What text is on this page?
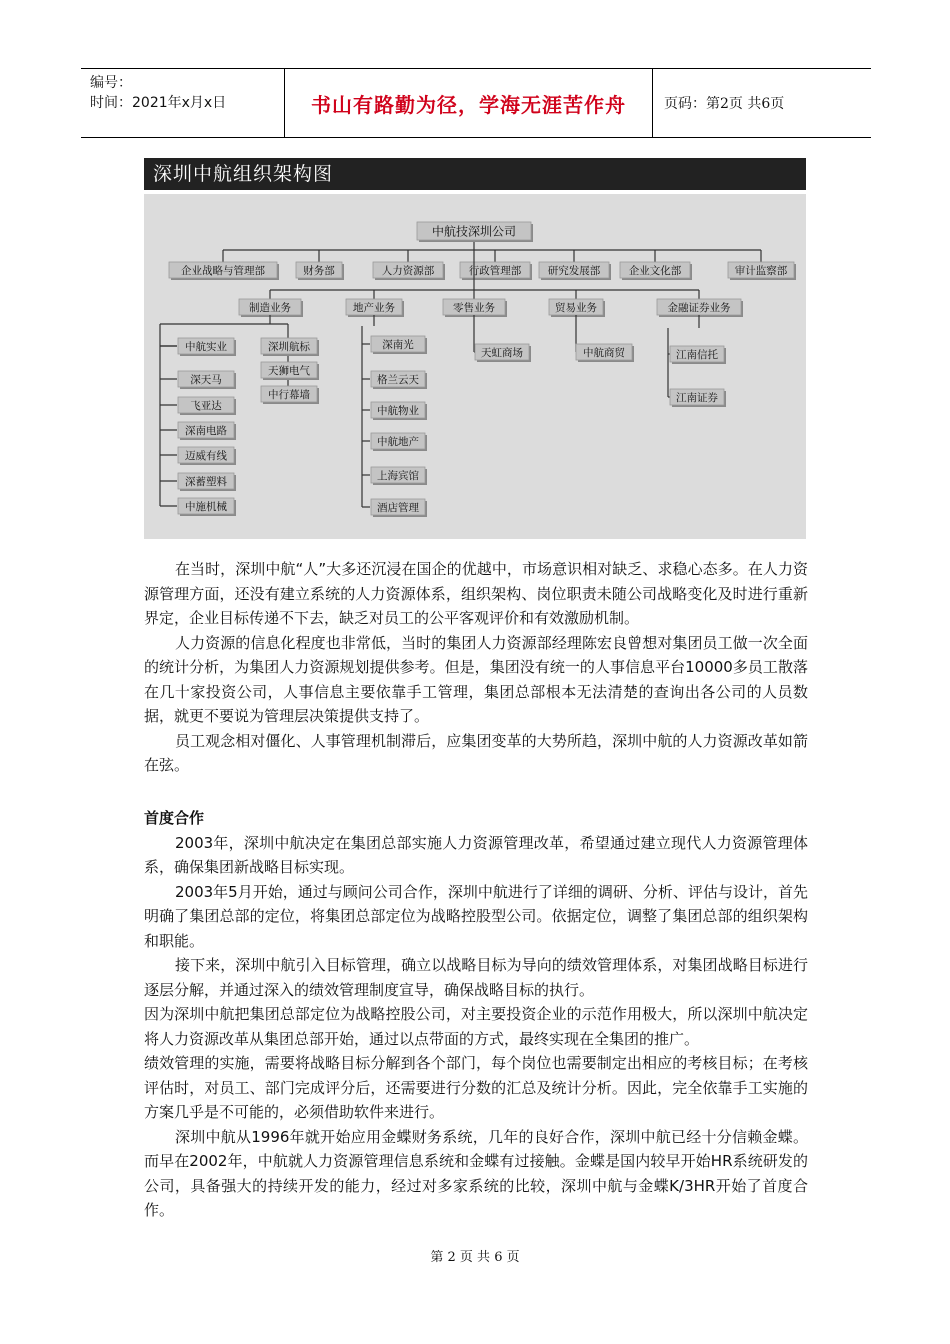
编号：
时间：2021年x月x日	书山有路勤为径，学海无涯苦作舟	页码：第2页 共6页
深圳中航组织架构图
中航技深圳公司
企业战略与管理部	财务部	人力资源部	行政管理部	研究发展部	企业文化部	审计监察部
制造业务	地产业务	零售业务	贸易业务	金融证券业务
中航实业
深天马
飞亚达
深南电路
迈威有线
深蓄塑料
中施机械
深圳航标
天狮电气
中行幕墙
深南光
格兰云天
中航物业
中航地产
上海宾馆
酒店管理
天虹商场	中航商贸	江南信托
江南证券

在当时，深圳中航“人”大多还沉浸在国企的优越中，市场意识相对缺乏、求稳心态多。在人力资源管理方面，还没有建立系统的人力资源体系，组织架构、岗位职责未随公司战略变化及时进行重新界定，企业目标传递不下去，缺乏对员工的公平客观评价和有效激励机制。

人力资源的信息化程度也非常低，当时的集团人力资源部经理陈宏良曾想对集团员工做一次全面的统计分析，为集团人力资源规划提供参考。但是，集团没有统一的人事信息平台10000多员工散落在几十家投资公司，人事信息主要依靠手工管理，集团总部根本无法清楚的查询出各公司的人员数据，就更不要说为管理层决策提供支持了。

员工观念相对僵化、人事管理机制滞后，应集团变革的大势所趋，深圳中航的人力资源改革如箭在弦。

首度合作

2003年，深圳中航决定在集团总部实施人力资源管理改革，希望通过建立现代人力资源管理体系，确保集团新战略目标实现。

2003年5月开始，通过与顾问公司合作，深圳中航进行了详细的调研、分析、评估与设计，首先明确了集团总部的定位，将集团总部定位为战略控股型公司。依据定位，调整了集团总部的组织架构和职能。

接下来，深圳中航引入目标管理，确立以战略目标为导向的绩效管理体系，对集团战略目标进行逐层分解，并通过深入的绩效管理制度宣导，确保战略目标的执行。

因为深圳中航把集团总部定位为战略控股公司，对主要投资企业的示范作用极大，所以深圳中航决定将人力资源改革从集团总部开始，通过以点带面的方式，最终实现在全集团的推广。

绩效管理的实施，需要将战略目标分解到各个部门，每个岗位也需要制定出相应的考核目标；在考核评估时，对员工、部门完成评分后，还需要进行分数的汇总及统计分析。因此，完全依靠手工实施的方案几乎是不可能的，必须借助软件来进行。

深圳中航从1996年就开始应用金蝶财务系统，几年的良好合作，深圳中航已经十分信赖金蝶。而早在2002年，中航就人力资源管理信息系统和金蝶有过接触。金蝶是国内较早开始HR系统研发的公司，具备强大的持续开发的能力，经过对多家系统的比较，深圳中航与金蝶K/3HR开始了首度合作。

第 2 页 共 6 页
